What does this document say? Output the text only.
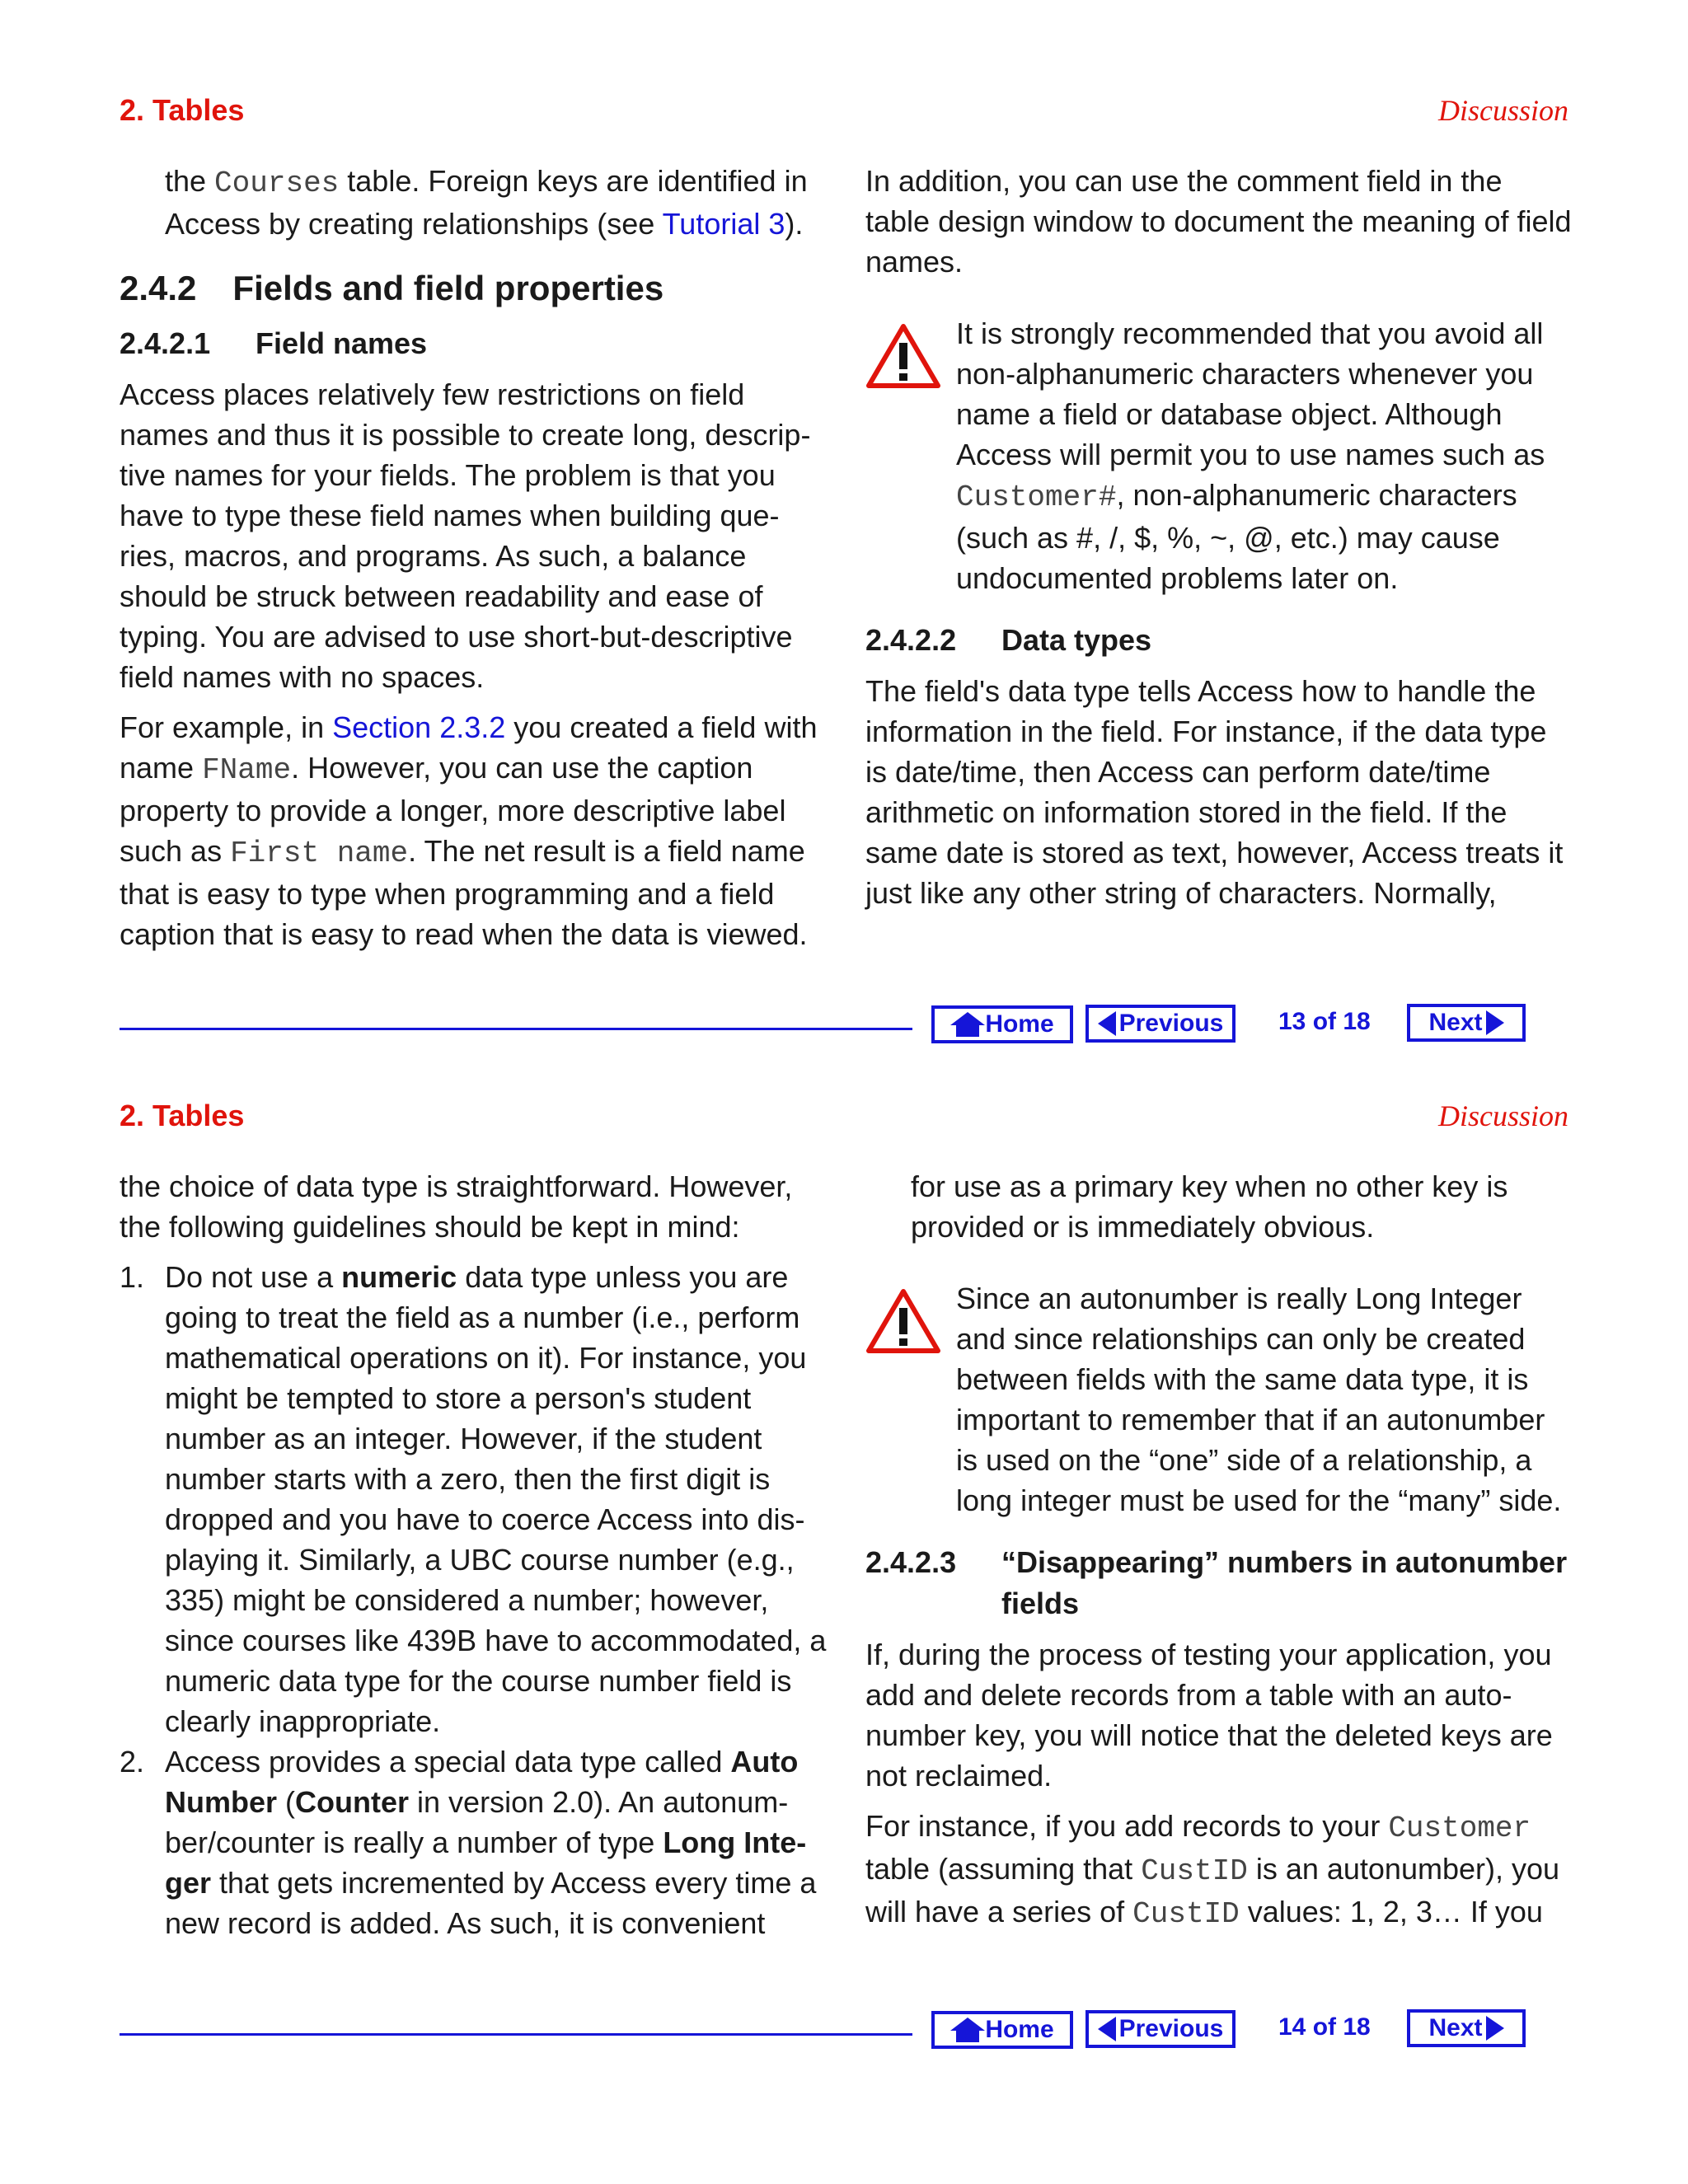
2. Tables	Discussion

the Courses table. Foreign keys are identified in Access by creating relationships (see Tutorial 3).

2.4.2 Fields and field properties
2.4.2.1	Field names

Access places relatively few restrictions on field names and thus it is possible to create long, descrip-tive names for your fields. The problem is that you have to type these field names when building que-ries, macros, and programs. As such, a balance should be struck between readability and ease of typing. You are advised to use short-but-descriptive field names with no spaces.

For example, in Section 2.3.2 you created a field with name FName. However, you can use the caption property to provide a longer, more descriptive label such as First name. The net result is a field name that is easy to type when programming and a field caption that is easy to read when the data is viewed.

In addition, you can use the comment field in the table design window to document the meaning of field names.

It is strongly recommended that you avoid all non-alphanumeric characters whenever you name a field or database object. Although Access will permit you to use names such as Customer#, non-alphanumeric characters (such as #, /, $, %, ~, @, etc.) may cause undocumented problems later on.

2.4.2.2	Data types

The field's data type tells Access how to handle the information in the field. For instance, if the data type is date/time, then Access can perform date/time arithmetic on information stored in the field. If the same date is stored as text, however, Access treats it just like any other string of characters. Normally,

Home	Previous 13 of 18 Next
2. Tables	Discussion

the choice of data type is straightforward. However, the following guidelines should be kept in mind:

1. Do not use a numeric data type unless you are going to treat the field as a number (i.e., perform mathematical operations on it). For instance, you might be tempted to store a person's student number as an integer. However, if the student number starts with a zero, then the first digit is dropped and you have to coerce Access into dis-playing it. Similarly, a UBC course number (e.g., 335) might be considered a number; however, since courses like 439B have to accommodated, a numeric data type for the course number field is clearly inappropriate.
2. Access provides a special data type called Auto Number (Counter in version 2.0). An autonum-ber/counter is really a number of type Long Inte-ger that gets incremented by Access every time a new record is added. As such, it is convenient

for use as a primary key when no other key is provided or is immediately obvious.

Since an autonumber is really Long Integer and since relationships can only be created between fields with the same data type, it is important to remember that if an autonumber is used on the “one” side of a relationship, a long integer must be used for the “many” side.

2.4.2.3	“Disappearing” numbers in autonumber fields

If, during the process of testing your application, you add and delete records from a table with an auto-number key, you will notice that the deleted keys are not reclaimed.

For instance, if you add records to your Customer table (assuming that CustID is an autonumber), you will have a series of CustID values: 1, 2, 3… If you

Home	Previous 14 of 18 Next
